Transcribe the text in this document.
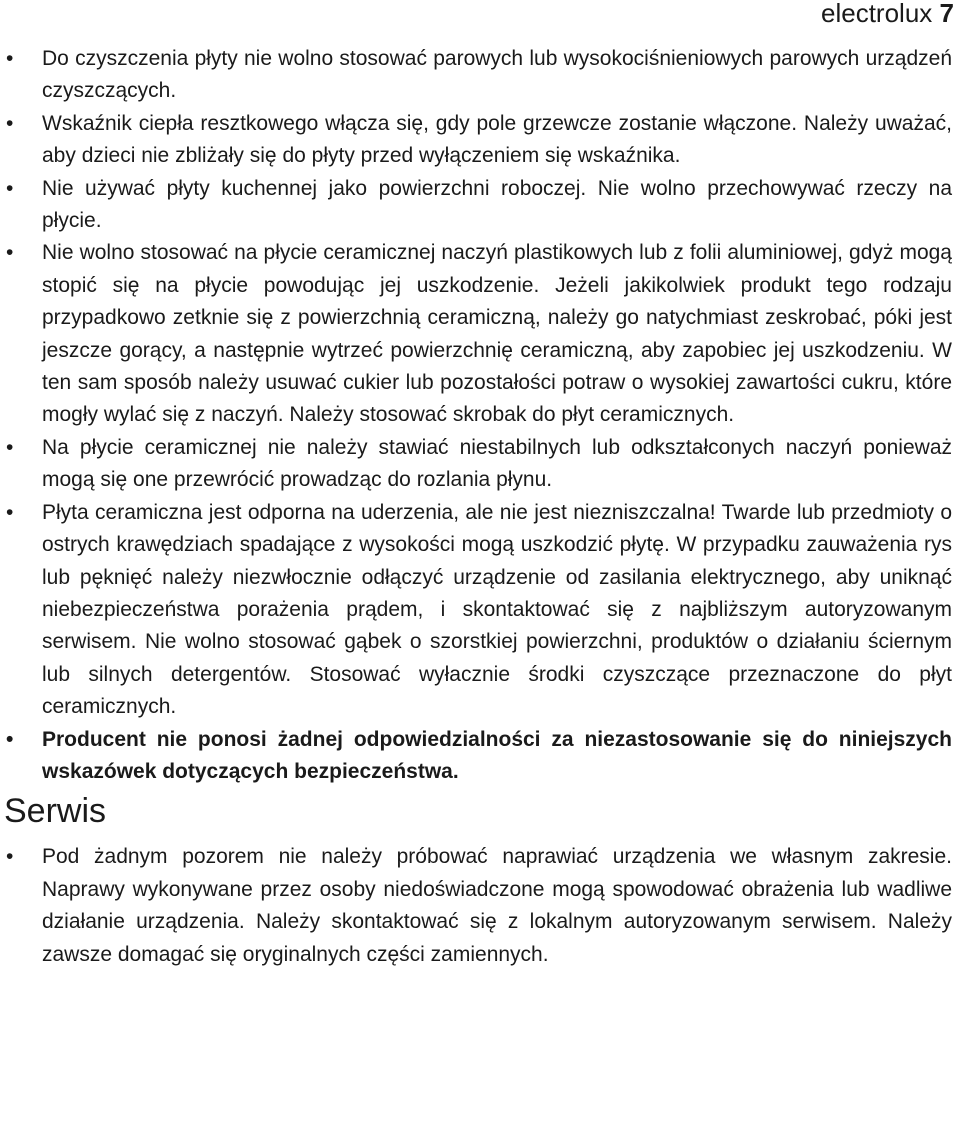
electrolux 7
• Do czyszczenia płyty nie wolno stosować parowych lub wysokociśnieniowych parowych urządzeń czyszczących.
• Wskaźnik ciepła resztkowego włącza się, gdy pole grzewcze zostanie włączone. Należy uważać, aby dzieci nie zbliżały się do płyty przed wyłączeniem się wskaźnika.
• Nie używać płyty kuchennej jako powierzchni roboczej. Nie wolno przechowywać rzeczy na płycie.
• Nie wolno stosować na płycie ceramicznej naczyń plastikowych lub z folii aluminiowej, gdyż mogą stopić się na płycie powodując jej uszkodzenie. Jeżeli jakikolwiek produkt tego rodzaju przypadkowo zetknie się z powierzchnią ceramiczną, należy go natychmiast zeskrobać, póki jest jeszcze gorący, a następnie wytrzeć powierzchnię ceramiczną, aby zapobiec jej uszkodzeniu. W ten sam sposób należy usuwać cukier lub pozostałości potraw o wysokiej zawartości cukru, które mogły wylać się z naczyń. Należy stosować skrobak do płyt ceramicznych.
• Na płycie ceramicznej nie należy stawiać niestabilnych lub odkształconych naczyń ponieważ mogą się one przewrócić prowadząc do rozlania płynu.
• Płyta ceramiczna jest odporna na uderzenia, ale nie jest niezniszczalna! Twarde lub przedmioty o ostrych krawędziach spadające z wysokości mogą uszkodzić płytę. W przypadku zauważenia rys lub pęknięć należy niezwłocznie odłączyć urządzenie od zasilania elektrycznego, aby uniknąć niebezpieczeństwa porażenia prądem, i skontaktować się z najbliższym autoryzowanym serwisem. Nie wolno stosować gąbek o szorstkiej powierzchni, produktów o działaniu ściernym lub silnych detergentów. Stosować wyłacznie środki czyszczące przeznaczone do płyt ceramicznych.
• Producent nie ponosi żadnej odpowiedzialności za niezastosowanie się do niniejszych wskazówek dotyczących bezpieczeństwa.
Serwis
• Pod żadnym pozorem nie należy próbować naprawiać urządzenia we własnym zakresie. Naprawy wykonywane przez osoby niedoświadczone mogą spowodować obrażenia lub wadliwe działanie urządzenia. Należy skontaktować się z lokalnym autoryzowanym serwisem. Należy zawsze domagać się oryginalnych części zamiennych.
